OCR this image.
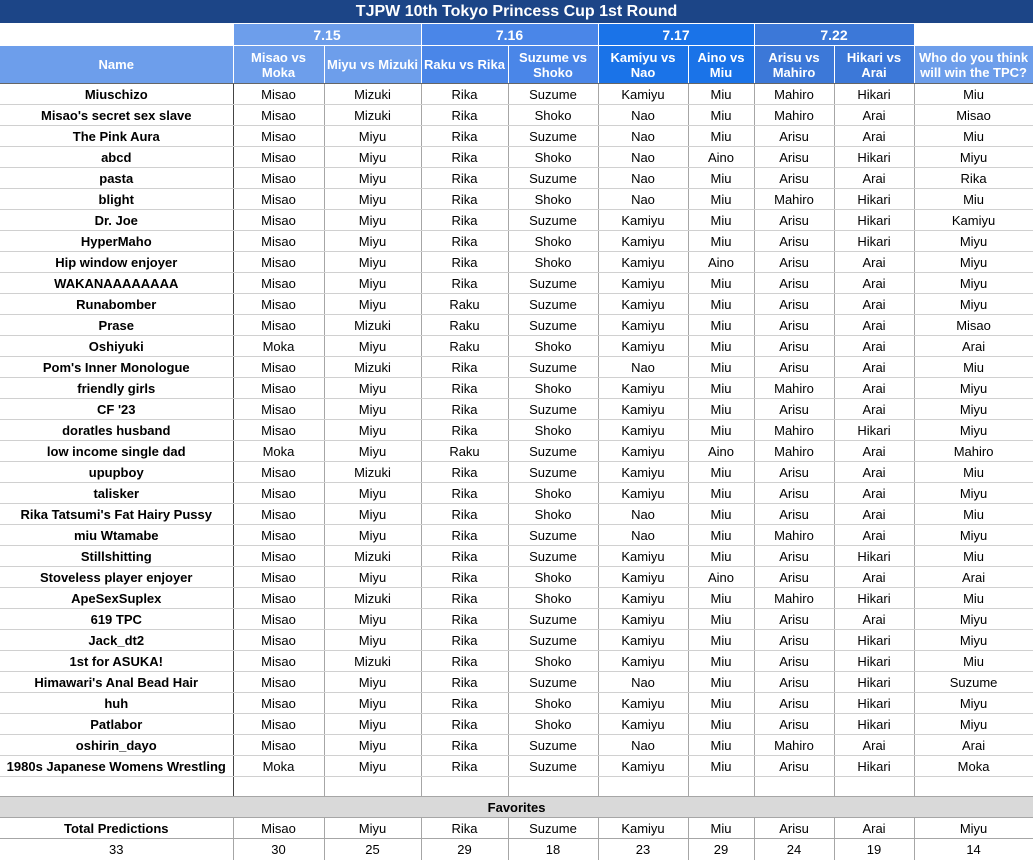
TJPW 10th Tokyo Princess Cup 1st Round									
	7.15		7.16		7.17		7.22		
Name	Misao vs Moka	Miyu vs Mizuki	Raku vs Rika	Suzume vs Shoko	Kamiyu vs Nao	Aino vs Miu	Arisu vs Mahiro	Hikari vs Arai	Who do you think will win the TPC?
Miuschizo	Misao	Mizuki	Rika	Suzume	Kamiyu	Miu	Mahiro	Hikari	Miu
Misao's secret sex slave	Misao	Mizuki	Rika	Shoko	Nao	Miu	Mahiro	Arai	Misao
The Pink Aura	Misao	Miyu	Rika	Suzume	Nao	Miu	Arisu	Arai	Miu
abcd	Misao	Miyu	Rika	Shoko	Nao	Aino	Arisu	Hikari	Miyu
pasta	Misao	Miyu	Rika	Suzume	Nao	Miu	Arisu	Arai	Rika
blight	Misao	Miyu	Rika	Shoko	Nao	Miu	Mahiro	Hikari	Miu
Dr. Joe	Misao	Miyu	Rika	Suzume	Kamiyu	Miu	Arisu	Hikari	Kamiyu
HyperMaho	Misao	Miyu	Rika	Shoko	Kamiyu	Miu	Arisu	Hikari	Miyu
Hip window enjoyer	Misao	Miyu	Rika	Shoko	Kamiyu	Aino	Arisu	Arai	Miyu
WAKANAAAAAAAA	Misao	Miyu	Rika	Suzume	Kamiyu	Miu	Arisu	Arai	Miyu
Runabomber	Misao	Miyu	Raku	Suzume	Kamiyu	Miu	Arisu	Arai	Miyu
Prase	Misao	Mizuki	Raku	Suzume	Kamiyu	Miu	Arisu	Arai	Misao
Oshiyuki	Moka	Miyu	Raku	Shoko	Kamiyu	Miu	Arisu	Arai	Arai
Pom's Inner Monologue	Misao	Mizuki	Rika	Suzume	Nao	Miu	Arisu	Arai	Miu
friendly girls	Misao	Miyu	Rika	Shoko	Kamiyu	Miu	Mahiro	Arai	Miyu
CF '23	Misao	Miyu	Rika	Suzume	Kamiyu	Miu	Arisu	Arai	Miyu
doratles husband	Misao	Miyu	Rika	Shoko	Kamiyu	Miu	Mahiro	Hikari	Miyu
low income single dad	Moka	Miyu	Raku	Suzume	Kamiyu	Aino	Mahiro	Arai	Mahiro
upupboy	Misao	Mizuki	Rika	Suzume	Kamiyu	Miu	Arisu	Arai	Miu
talisker	Misao	Miyu	Rika	Shoko	Kamiyu	Miu	Arisu	Arai	Miyu
Rika Tatsumi's Fat Hairy Pussy	Misao	Miyu	Rika	Shoko	Nao	Miu	Arisu	Arai	Miu
miu Wtamabe	Misao	Miyu	Rika	Suzume	Nao	Miu	Mahiro	Arai	Miyu
Stillshitting	Misao	Mizuki	Rika	Suzume	Kamiyu	Miu	Arisu	Hikari	Miu
Stoveless player enjoyer	Misao	Miyu	Rika	Shoko	Kamiyu	Aino	Arisu	Arai	Arai
ApeSexSuplex	Misao	Mizuki	Rika	Shoko	Kamiyu	Miu	Mahiro	Hikari	Miu
619 TPC	Misao	Miyu	Rika	Suzume	Kamiyu	Miu	Arisu	Arai	Miyu
Jack_dt2	Misao	Miyu	Rika	Suzume	Kamiyu	Miu	Arisu	Hikari	Miyu
1st for ASUKA!	Misao	Mizuki	Rika	Shoko	Kamiyu	Miu	Arisu	Hikari	Miu
Himawari's Anal Bead Hair	Misao	Miyu	Rika	Suzume	Nao	Miu	Arisu	Hikari	Suzume
huh	Misao	Miyu	Rika	Shoko	Kamiyu	Miu	Arisu	Hikari	Miyu
Patlabor	Misao	Miyu	Rika	Shoko	Kamiyu	Miu	Arisu	Hikari	Miyu
oshirin_dayo	Misao	Miyu	Rika	Suzume	Nao	Miu	Mahiro	Arai	Arai
1980s Japanese Womens Wrestling	Moka	Miyu	Rika	Suzume	Kamiyu	Miu	Arisu	Hikari	Moka

Favorites									
Total Predictions	Misao	Miyu	Rika	Suzume	Kamiyu	Miu	Arisu	Arai	Miyu
33	30	25	29	18	23	29	24	19	14
